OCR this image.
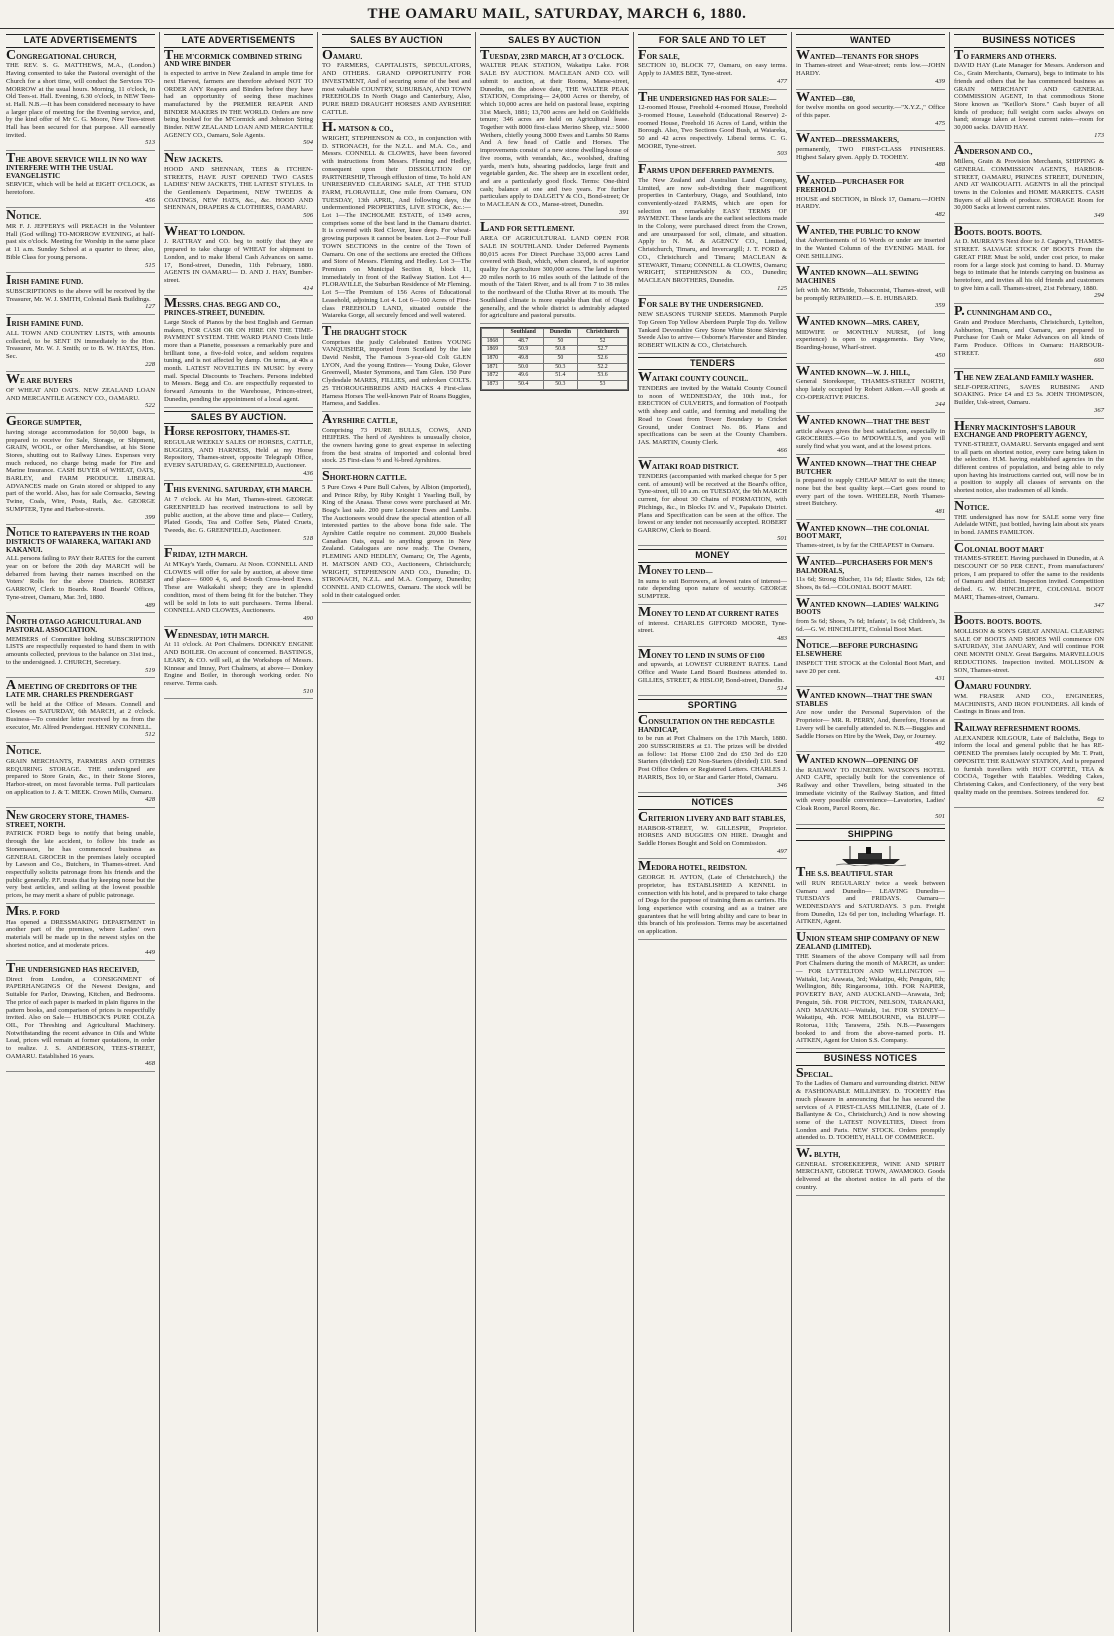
THE OAMARU MAIL, SATURDAY, MARCH 6, 1880.
LATE ADVERTISEMENTS
CONGREGATIONAL CHURCH,
THE REV. S. G. MATTHEWS, M.A., (London.) Having consented to take the Pastoral oversight of the Church for a short time, will conduct the Services TO-MORROW at the usual hours. Morning, 11 o'clock, in Old Tees-st. Hall. Evening, 6.30 o'clock, in NEW Tees-st. Hall. N.B.—It has been considered necessary to have a larger place of meeting for the Evening service, and, by the kind offer of Mr C. G. Moore, New Tees-street Hall has been secured for that purpose. All earnestly invited.
513
THE ABOVE SERVICE WILL IN NO WAY INTERFERE WITH THE USUAL EVANGELISTIC
SERVICE, which will be held at EIGHT O'CLOCK, as heretofore.
456
NOTICE.
MR F. J. JEFFERYS will PREACH in the Volunteer Hall (God willing) TO-MORROW EVENING, at half-past six o'clock. Meeting for Worship in the same place at 11 a.m. Sunday School at a quarter to three; also, Bible Class for young persons.
515
IRISH FAMINE FUND.
SUBSCRIPTIONS to the above will be received by the Treasurer, Mr. W. J. SMITH, Colonial Bank Buildings.
127
IRISH FAMINE FUND.
ALL TOWN AND COUNTRY LISTS, with amounts collected, to be SENT IN immediately to the Hon. Treasurer, Mr. W. J. Smith; or to B. W. HAYES, Hon. Sec.
228
WE ARE BUYERS
OF WHEAT AND OATS. NEW ZEALAND LOAN AND MERCANTILE AGENCY CO., OAMARU.
522
GEORGE SUMPTER,
having storage accommodation for 50,000 bags, is prepared to receive for Sale, Storage, or Shipment, GRAIN, WOOL, or other Merchandise, at his Stone Stores, shutting out to Railway Lines. Expenses very much reduced, no charge being made for Fire and Marine Insurance. CASH BUYER of WHEAT, OATS, BARLEY, and FARM PRODUCE. LIBERAL ADVANCES made on Grain stored or shipped to any part of the world. Also, has for sale Cornsacks, Sewing Twine, Coals, Wire, Posts, Rails, &c. GEORGE SUMPTER, Tyne and Harbor-streets.
399
NOTICE TO RATEPAYERS IN THE ROAD DISTRICTS OF WAIAREKA, WAITAKI AND KAKANUI.
ALL persons failing to PAY their RATES for the current year on or before the 20th day MARCH will be debarred from having their names inscribed on the Voters' Rolls for the above Districts. ROBERT GARROW, Clerk to Boards. Road Boards' Offices, Tyne-street, Oamaru, Mar. 3rd, 1880.
489
NORTH OTAGO AGRICULTURAL AND PASTORAL ASSOCIATION.
MEMBERS of Committee holding SUBSCRIPTION LISTS are respectfully requested to hand them in with amounts collected, previous to the balance on 31st inst., to the undersigned. J. CHURCH, Secretary.
519
A MEETING OF CREDITORS OF THE LATE MR. CHARLES PRENDERGAST
will be held at the Office of Messrs. Connell and Clowes on SATURDAY, 6th MARCH, at 2 o'clock. Business—To consider letter received by ns from the executor, Mr. Alfred Prendergast. HENRY CONNELL.
512
NOTICE.
GRAIN MERCHANTS, FARMERS AND OTHERS REQUIRING STORAGE. THE undersigned are prepared to Store Grain, &c., in their Stone Stores, Harbor-street, on most favorable terms. Full particulars on application to J. & T. MEEK. Crown Mills, Oamaru.
428
NEW GROCERY STORE, THAMES-STREET, NORTH.
PATRICK FORD begs to notify that being unable, through the late accident, to follow his trade as Stonemason, he has commenced business as GENERAL GROCER in the premises lately occupied by Lawson and Co., Butchers, in Thames-street. And respectfully solicits patronage from his friends and the public generally. P.F. trusts that by keeping none but the very best articles, and selling at the lowest possible prices, he may merit a share of public patronage.
MRS. P. FORD
Has opened a DRESSMAKING DEPARTMENT in another part of the premises, where Ladies' own materials will be made up in the newest styles on the shortest notice, and at moderate prices.
449
THE UNDERSIGNED HAS RECEIVED,
Direct from London, a CONSIGNMENT of PAPERHANGINGS Of the Newest Designs, and Suitable for Parlor, Drawing, Kitchen, and Bedrooms. The price of each paper is marked in plain figures in the pattern books, and comparison of prices is respectfully invited. Also on Sale— HUBBOCK'S PURE COLZA OIL, For Threshing and Agricultural Machinery. Notwithstanding the recent advance in Oils and White Lead, prices will remain at former quotations, in order to realize. J. S. ANDERSON, TEES-STREET, OAMARU. Established 16 years.
468
LATE ADVERTISEMENTS
THE M'CORMICK COMBINED STRING AND WIRE BINDER
is expected to arrive in New Zealand in ample time for next Harvest, farmers are therefore advised NOT TO ORDER ANY Reapers and Binders before they have had an opportunity of seeing these machines manufactured by the PREMIER REAPER AND BINDER MAKERS IN THE WORLD. Orders are now being booked for the M'Cormick and Johnston String Binder. NEW ZEALAND LOAN AND MERCANTILE AGENCY CO., Oamaru, Sole Agents.
504
NEW JACKETS.
HOOD AND SHENNAN, TEES & ITCHEN-STREETS, HAVE JUST OPENED TWO CASES LADIES' NEW JACKETS, THE LATEST STYLES. In the Gentlemen's Department, NEW TWEEDS & COATINGS, NEW HATS, &c., &c. HOOD AND SHENNAN, DRAPERS & CLOTHIERS, OAMARU.
506
WHEAT TO LONDON.
J. RATTRAY and CO. beg to notify that they are prepared to take charge of WHEAT for shipment to London, and to make liberal Cash Advances on same. 17, Bond-street, Dunedin, 11th February, 1880. AGENTS IN OAMARU— D. AND J. HAY, Bumber-street.
414
MESSRS. CHAS. BEGG AND CO., PRINCES-STREET, DUNEDIN.
Large Stock of Pianos by the best English and German makers, FOR CASH OR ON HIRE ON THE TIME-PAYMENT SYSTEM. THE WARD PIANO Costs little more than a Pianette, possesses a remarkably pure and brilliant tone, a five-fold voice, and seldom requires tuning, and is not affected by damp. On terms, at 40s a month. LATEST NOVELTIES IN MUSIC by every mail. Special Discounts to Teachers. Persons indebted to Messrs. Begg and Co. are respectfully requested to forward Amounts to the Warehouse, Princes-street, Dunedin, pending the appointment of a local agent.
SALES BY AUCTION.
HORSE REPOSITORY, THAMES-ST.
REGULAR WEEKLY SALES OF HORSES, CATTLE, BUGGIES, AND HARNESS, Held at my Horse Repository, Thames-street, opposite Telegraph Office, EVERY SATURDAY, G. GREENFIELD, Auctioneer.
436
THIS EVENING. SATURDAY, 6TH MARCH.
At 7 o'clock. At his Mart, Thames-street. GEORGE GREENFIELD has received instructions to sell by public auction, at the above time and place— Cutlery, Plated Goods, Tea and Coffee Sets, Plated Cruets, Tweeds, &c. G. GREENFIELD, Auctioneer.
518
FRIDAY, 12TH MARCH.
At M'Kay's Yards, Oamaru. At Noon. CONNELL AND CLOWES will offer for sale by auction, at above time and place— 6000 4, 6, and 8-tooth Cross-bred Ewes. These are Waikakahi sheep; they are in splendid condition, most of them being fit for the butcher. They will be sold in lots to suit purchasers. Terms liberal. CONNELL AND CLOWES, Auctioneers.
490
WEDNESDAY, 10TH MARCH.
At 11 o'clock. At Port Chalmers. DONKEY ENGINE AND BOILER. On account of concerned. BASTINGS, LEARY, & CO. will sell, at the Workshops of Messrs. Kinnear and Imray, Port Chalmers, at above— Donkey Engine and Boiler, in thorough working order. No reserve. Terms cash.
510
SALES BY AUCTION
OAMARU.
TO FARMERS, CAPITALISTS, SPECULATORS, AND OTHERS. GRAND OPPORTUNITY FOR INVESTMENT, And of securing some of the best and most valuable COUNTRY, SUBURBAN, AND TOWN FREEHOLDS In North Otago and Canterbury, Also, PURE BRED DRAUGHT HORSES AND AYRSHIRE CATTLE.
H. MATSON & CO.,
WRIGHT, STEPHENSON & CO., in conjunction with D. STRONACH, for the N.Z.L. and M.A. Co., and Messrs. CONNELL & CLOWES, have been favored with instructions from Messrs. Fleming and Hedley, consequent upon their DISSOLUTION OF PARTNERSHIP, Through effluxion of time, To hold AN UNRESERVED CLEARING SALE, AT THE STUD FARM, FLORAVILLE, One mile from Oamaru, ON TUESDAY, 13th APRIL, And following days, the undermentioned PROPERTIES, LIVE STOCK, &c.:— Lot 1—The INCHOLME ESTATE, of 1349 acres, comprises some of the best land in the Oamaru district. It is covered with Red Clover, knee deep. For wheat-growing purposes it cannot be beaten. Lot 2—Four Full TOWN SECTIONS in the centre of the Town of Oamaru. On one of the sections are erected the Offices and Store of Messrs. Fleming and Hedley. Lot 3—The Premium on Municipal Section 8, block 11, immediately in front of the Railway Station. Lot 4—FLORAVILLE, the Suburban Residence of Mr Fleming. Lot 5—The Premium of 156 Acres of Educational Leasehold, adjoining Lot 4. Lot 6—100 Acres of First-class FREEHOLD LAND, situated outside the Waiareka Gorge, all securely fenced and well watered.
THE DRAUGHT STOCK
Comprises the justly Celebrated Entires YOUNG VANQUISHER, imported from Scotland by the late David Nesbit, The Famous 3-year-old Colt GLEN LYON, And the young Entires— Young Duke, Glover Greenwell, Master Symmons, and Tam Glen. 150 Pure Clydesdale MARES, FILLIES, and unbroken COLTS. 25 THOROUGHBREDS AND HACKS 4 First-class Harness Horses The well-known Pair of Roans Buggies, Harness, and Saddles.
AYRSHIRE CATTLE,
Comprising 73 PURE BULLS, COWS, AND HEIFERS. The herd of Ayrshires is unusually choice, the owners having gone to great expense in selecting from the best strains of imported and colonial bred stock. 25 First-class ½ and ¾-bred Ayrshires.
SHORT-HORN CATTLE.
5 Pure Cows 4 Pure Bull Calves, by Albion (imported), and Prince Riby, by Riby Knight 1 Yearling Bull, by King of the Anasa. These cows were purchased at Mr. Boag's last sale. 200 pure Leicester Ewes and Lambs. The Auctioneers would draw the special attention of all interested parties to the above bona fide sale. The Ayrshire Cattle require no comment. 20,000 Bushels Canadian Oats, equal to anything grown in New Zealand. Catalogues are now ready. The Owners, FLEMING AND HEDLEY, Oamaru; Or, The Agents, H. MATSON AND CO., Auctioneers, Christchurch; WRIGHT, STEPHENSON AND CO., Dunedin; D. STRONACH, N.Z.L. and M.A. Company, Dunedin; CONNEL AND CLOWES, Oamaru. The stock will be sold in their catalogued order.
SALES BY AUCTION
TUESDAY, 23RD MARCH, AT 3 O'CLOCK.
WALTER PEAK STATION, Wakatipu Lake. FOR SALE BY AUCTION. MACLEAN AND CO. will submit to auction, at their Rooms, Manse-street, Dunedin, on the above date, THE WALTER PEAK STATION, Comprising— 24,000 Acres or thereby, of which 10,000 acres are held on pastoral lease, expiring 31st March, 1881; 13,700 acres are held on Goldfields tenure; 346 acres are held on Agricultural lease. Together with 8000 first-class Merino Sheep, viz.: 5000 Wethers, chiefly young 3000 Ewes and Lambs 50 Rams And A few head of Cattle and Horses. The improvements consist of a new stone dwelling-house of five rooms, with verandah, &c., woolshed, drafting yards, men's huts, shearing paddocks, large fruit and vegetable garden, &c. The sheep are in excellent order, and are a particularly good flock. Terms: One-third cash; balance at one and two years. For further particulars apply to DALGETY & CO., Bond-street; Or to MACLEAN & CO., Manse-street, Dunedin.
391
LAND FOR SETTLEMENT.
AREA OF AGRICULTURAL LAND OPEN FOR SALE IN SOUTHLAND. Under Deferred Payments 80,015 acres For Direct Purchase 33,000 acres Land covered with Bush, which, when cleared, is of superior quality for Agriculture 300,000 acres. The land is from 20 miles north to 16 miles south of the latitude of the mouth of the Taieri River, and is all from 7 to 38 miles to the northward of the Clutha River at its mouth. The Southland climate is more equable than that of Otago generally, and the whole district is admirably adapted for agriculture and pastoral pursuits.
	Southland	Dunedin	Christchurch
1868	48.7	50	52
1869	50.9	50.8	52.7
1870	49.8	50	52.6
1871	50.0	50.3	52.2
1872	49.6	51.4	53.6
1873	50.4	50.3	53
FOR SALE AND TO LET
FOR SALE,
SECTION 10, BLOCK 77, Oamaru, on easy terms. Apply to JAMES BEE, Tyne-street.
477
THE UNDERSIGNED HAS FOR SALE:—
12-roomed House, Freehold 4-roomed House, Freehold 3-roomed House, Leasehold (Educational Reserve) 2-roomed House, Freehold 16 Acres of Land, within the Borough. Also, Two Sections Good Bush, at Waiareka, 50 and 42 acres respectively. Liberal terms. C. G. MOORE, Tyne-street.
503
FARMS UPON DEFERRED PAYMENTS.
The New Zealand and Australian Land Company, Limited, are now sub-dividing their magnificent properties in Canterbury, Otago, and Southland, into conveniently-sized FARMS, which are open for selection on remarkably EASY TERMS OF PAYMENT. These lands are the earliest selections made in the Colony, were purchased direct from the Crown, and are unsurpassed for soil, climate, and situation. Apply to N. M. & AGENCY CO., Limited, Christchurch, Timaru, and Invercargill; J. T. FORD & CO., Christchurch and Timaru; MACLEAN & STEWART, Timaru; CONNELL & CLOWES, Oamaru; WRIGHT, STEPHENSON & CO., Dunedin; MACLEAN BROTHERS, Dunedin.
125
FOR SALE BY THE UNDERSIGNED.
NEW SEASONS TURNIP SEEDS. Mammoth Purple Top Green Top Yellow Aberdeen Purple Top do. Yellow Tankard Devonshire Grey Stone White Stone Skirving Swede Also to arrive— Osborne's Harvester and Binder. ROBERT WILKIN & CO., Christchurch.
TENDERS
WAITAKI COUNTY COUNCIL.
TENDERS are invited by the Waitaki County Council to noon of WEDNESDAY, the 10th inst., for ERECTION of CULVERTS, and formation of Footpath with sheep and cattle, and forming and metalling the Road to Coast from Tower Boundary to Cricket Ground, under Contract No. 86. Plans and specifications can be seen at the County Chambers. JAS. MARTIN, County Clerk.
466
WAITAKI ROAD DISTRICT.
TENDERS (accompanied with marked cheque for 5 per cent. of amount) will be received at the Board's office, Tyne-street, till 10 a.m. on TUESDAY, the 9th MARCH current, for about 30 Chains of FORMATION, with Pitchings, &c., in Blocks IV. and V., Papakaio District. Plans and Specification can be seen at the office. The lowest or any tender not necessarily accepted. ROBERT GARROW, Clerk to Board.
501
MONEY
MONEY TO LEND—
In sums to suit Borrowers, at lowest rates of interest—rate depending upon nature of security. GEORGE SUMPTER.
MONEY TO LEND AT CURRENT RATES
of interest. CHARLES GIFFORD MOORE, Tyne-street.
483
MONEY TO LEND IN SUMS OF £100
and upwards, at LOWEST CURRENT RATES. Land Office and Waste Land Board Business attended to. GILLIES, STREET, & HISLOP, Bond-street, Dunedin.
514
SPORTING
CONSULTATION ON THE REDCASTLE HANDICAP,
to be run at Port Chalmers on the 17th March, 1880. 200 SUBSCRIBERS at £1. The prizes will be divided as follow: 1st Horse £100 2nd do £50 3rd do £20 Starters (divided) £20 Non-Starters (divided) £10. Send Post Office Orders or Registered Letters. CHARLES J. HARRIS, Box 10, or Star and Garter Hotel, Oamaru.
346
NOTICES
CRITERION LIVERY AND BAIT STABLES,
HARBOR-STREET, W. GILLESPIE, Proprietor. HORSES AND BUGGIES ON HIRE. Draught and Saddle Horses Bought and Sold on Commission.
497
MEDORA HOTEL, REIDSTON.
GEORGE H. AYTON, (Late of Christchurch,) the proprietor, has ESTABLISHED A KENNEL in connection with his hotel, and is prepared to take charge of Dogs for the purpose of training them as carriers. His long experience with coursing and as a trainer are guarantees that he will bring ability and care to bear in this branch of his profession. Terms may be ascertained on application.
WANTED
WANTED—TENANTS FOR SHOPS
in Thames-street and Wear-street; rents low.—JOHN HARDY.
439
WANTED—£80,
for twelve months on good security.—"X.Y.Z.," Office of this paper.
475
WANTED—DRESSMAKERS,
permanently, TWO FIRST-CLASS FINISHERS. Highest Salary given. Apply D. TOOHEY.
488
WANTED—PURCHASER FOR FREEHOLD
HOUSE and SECTION, in Block 17, Oamaru.—JOHN HARDY.
482
WANTED, THE PUBLIC TO KNOW
that Advertisements of 16 Words or under are inserted in the Wanted Column of the EVENING MAIL for ONE SHILLING.
WANTED KNOWN—ALL SEWING MACHINES
left with Mr. M'Bride, Tobacconist, Thames-street, will be promptly REPAIRED.—S. E. HUBBARD.
359
WANTED KNOWN—MRS. CAREY,
MIDWIFE or MONTHLY NURSE, (of long experience) is open to engagements. Bay View, Boarding-house, Wharf-street.
450
WANTED KNOWN—W. J. HILL,
General Storekeeper, THAMES-STREET NORTH, shop lately occupied by Robert Aitken.—All goods at CO-OPERATIVE PRICES.
244
WANTED KNOWN—THAT THE BEST
article always gives the best satisfaction, especially in GROCERIES.—Go to M'DOWELL'S, and you will surely find what you want, and at the lowest prices.
WANTED KNOWN—THAT THE CHEAP BUTCHER
is prepared to supply CHEAP MEAT to suit the times; none but the best quality kept.—Cart goes round to every part of the town. WHEELER, North Thames-street Butchery.
481
WANTED KNOWN—THE COLONIAL BOOT MART,
Thames-street, is by far the CHEAPEST in Oamaru.
WANTED—PURCHASERS FOR MEN'S BALMORALS,
11s 6d; Strong Blucher, 11s 6d; Elastic Sides, 12s 6d; Shoes, 8s 6d.—COLONIAL BOOT MART.
WANTED KNOWN—LADIES' WALKING BOOTS
from 5s 6d; Shoes, 7s 6d; Infants', 1s 6d; Children's, 3s 6d.—G. W. HINCHLIFFE, Colonial Boot Mart.
NOTICE.—BEFORE PURCHASING ELSEWHERE
INSPECT THE STOCK at the Colonial Boot Mart, and save 20 per cent.
431
WANTED KNOWN—THAT THE SWAN STABLES
Are now under the Personal Supervision of the Proprietor— MR. R. PERRY, And, therefore, Horses at Livery will be carefully attended to. N.B.—Buggies and Saddle Horses on Hire by the Week, Day, or Journey.
492
WANTED KNOWN—OPENING OF
the RAILWAY TO DUNEDIN. WATSON'S HOTEL AND CAFE, specially built for the convenience of Railway and other Travellers, being situated in the immediate vicinity of the Railway Station, and fitted with every possible convenience—Lavatories, Ladies' Cloak Room, Parcel Room, &c.
501
SHIPPING
THE S.S. BEAUTIFUL STAR
will RUN REGULARLY twice a week between Oamaru and Dunedin— LEAVING Dunedin—TUESDAYS and FRIDAYS. Oamaru—WEDNESDAYS and SATURDAYS. 3 p.m. Freight from Dunedin, 12s 6d per ton, including Wharfage. H. AITKEN, Agent.
UNION STEAM SHIP COMPANY OF NEW ZEALAND (LIMITED).
THE Steamers of the above Company will sail from Port Chalmers during the month of MARCH, as under:— FOR LYTTELTON AND WELLINGTON —Waitaki, 1st; Arawata, 3rd; Wakatipu, 4th; Penguin, 6th; Wellington, 8th; Ringarooma, 10th. FOR NAPIER, POVERTY BAY, AND AUCKLAND—Arawata, 3rd; Penguin, 5th. FOR PICTON, NELSON, TARANAKI, AND MANUKAU—Waitaki, 1st. FOR SYDNEY—Wakatipu, 4th. FOR MELBOURNE, via BLUFF—Rotorua, 11th; Tarawera, 25th. N.B.—Passengers booked to and from the above-named ports. H. AITKEN, Agent for Union S.S. Company.
BUSINESS NOTICES
SPECIAL.
To the Ladies of Oamaru and surrounding district. NEW & FASHIONABLE MILLINERY. D. TOOHEY Has much pleasure in announcing that he has secured the services of A FIRST-CLASS MILLINER, (Late of J. Ballantyne & Co., Christchurch,) And is now showing some of the LATEST NOVELTIES, Direct from London and Paris. NEW STOCK. Orders promptly attended to. D. TOOHEY, HALL OF COMMERCE.
W. BLYTH,
GENERAL STOREKEEPER, WINE AND SPIRIT MERCHANT, GEORGE TOWN, AWAMOKO. Goods delivered at the shortest notice in all parts of the country.
BUSINESS NOTICES
TO FARMERS AND OTHERS.
DAVID HAY (Late Manager for Messrs. Anderson and Co., Grain Merchants, Oamaru), begs to intimate to his friends and others that he has commenced business as GRAIN MERCHANT AND GENERAL COMMISSION AGENT, In that commodious Stone Store known as "Keillor's Store." Cash buyer of all kinds of produce; full weight corn sacks always on hand; storage taken at lowest current rates—room for 30,000 sacks. DAVID HAY.
173
ANDERSON AND CO.,
Millers, Grain & Provision Merchants, SHIPPING & GENERAL COMMISSION AGENTS, HARBOR-STREET, OAMARU, PRINCES STREET, DUNEDIN, AND AT WAIKOUAITI. AGENTS in all the principal towns in the Colonies and HOME MARKETS. CASH Buyers of all kinds of produce. STORAGE Room for 30,000 Sacks at lowest current rates.
349
BOOTS. BOOTS. BOOTS.
At D. MURRAY'S Next door to J. Cagney's, THAMES-STREET. SALVAGE STOCK OF BOOTS From the GREAT FIRE Must be sold, under cost price, to make room for a large stock just coming to hand. D. Murray begs to intimate that he intends carrying on business as heretofore, and invites all his old friends and customers to give him a call. Thames-street, 21st February, 1880.
294
P. CUNNINGHAM AND CO.,
Grain and Produce Merchants, Christchurch, Lyttelton, Ashburton, Timaru, and Oamaru, are prepared to Purchase for Cash or Make Advances on all kinds of Farm Produce. Offices in Oamaru: HARBOUR-STREET.
660
THE NEW ZEALAND FAMILY WASHER.
SELF-OPERATING, SAVES RUBBING AND SOAKING. Price £4 and £3 5s. JOHN THOMPSON, Builder, Usk-street, Oamaru.
367
HENRY MACKINTOSH'S LABOUR EXCHANGE AND PROPERTY AGENCY,
TYNE-STREET, OAMARU. Servants engaged and sent to all parts on shortest notice, every care being taken in the selection. H.M. having established agencies in the different centres of population, and being able to rely upon having his instructions carried out, will now be in a position to supply all classes of servants on the shortest notice, also tradesmen of all kinds.
NOTICE.
THE undersigned has now for SALE some very fine Adelaide WINE, just bottled, having lain about six years in bond. JAMES FAMILTON.
COLONIAL BOOT MART
THAMES-STREET. Having purchased in Dunedin, at A DISCOUNT OF 50 PER CENT., From manufacturers' prices, I am prepared to offer the same to the residents of Oamaru and district. Inspection invited. Competition defied. G. W. HINCHLIFFE, COLONIAL BOOT MART, Thames-street, Oamaru.
347
BOOTS. BOOTS. BOOTS.
MOLLISON & SON'S GREAT ANNUAL CLEARING SALE OF BOOTS AND SHOES Will commence ON SATURDAY, 31st JANUARY, And will continue FOR ONE MONTH ONLY. Great Bargains. MARVELLOUS REDUCTIONS. Inspection invited. MOLLISON & SON, Thames-street.
OAMARU FOUNDRY.
WM. FRASER AND CO., ENGINEERS, MACHINISTS, AND IRON FOUNDERS. All kinds of Castings in Brass and Iron.
RAILWAY REFRESHMENT ROOMS.
ALEXANDER KILGOUR, Late of Balclutha, Begs to inform the local and general public that he has RE-OPENED The premises lately occupied by Mr. T. Pratt, OPPOSITE THE RAILWAY STATION, And is prepared to furnish travellers with HOT COFFEE, TEA & COCOA, Together with Eatables. Wedding Cakes, Christening Cakes, and Confectionery, of the very best quality made on the premises. Soirees tendered for.
62
